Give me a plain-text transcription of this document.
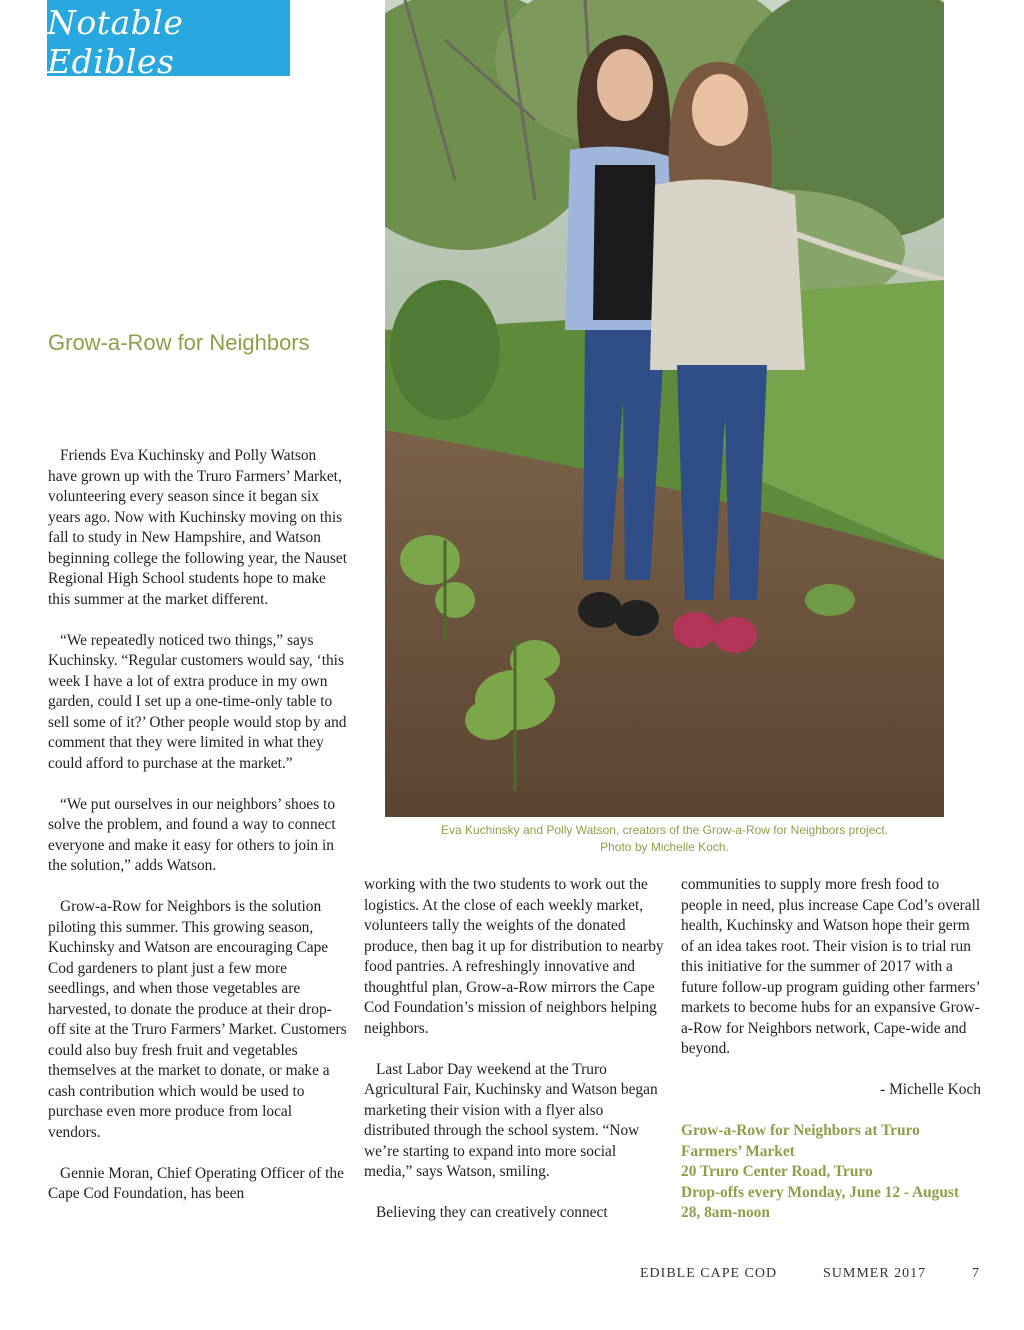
Notable Edibles
Grow-a-Row for Neighbors
Eva Kuchinsky and Polly Watson, creators of the Grow-a-Row for Neighbors project.
Photo by Michelle Koch.

Friends Eva Kuchinsky and Polly Watson have grown up with the Truro Farmers’ Market, volunteering every season since it began six years ago. Now with Kuchinsky moving on this fall to study in New Hampshire, and Watson beginning college the following year, the Nauset Regional High School students hope to make this summer at the market different.

“We repeatedly noticed two things,” says Kuchinsky. “Regular customers would say, ‘this week I have a lot of extra produce in my own garden, could I set up a one-time-only table to sell some of it?’ Other people would stop by and comment that they were limited in what they could afford to purchase at the market.”

“We put ourselves in our neighbors’ shoes to solve the problem, and found a way to connect everyone and make it easy for others to join in the solution,” adds Watson.

Grow-a-Row for Neighbors is the solution piloting this summer. This growing season, Kuchinsky and Watson are encouraging Cape Cod gardeners to plant just a few more seedlings, and when those vegetables are harvested, to donate the produce at their drop-off site at the Truro Farmers’ Market. Customers could also buy fresh fruit and vegetables themselves at the market to donate, or make a cash contribution which would be used to purchase even more produce from local vendors.

Gennie Moran, Chief Operating Officer of the Cape Cod Foundation, has been

working with the two students to work out the logistics. At the close of each weekly market, volunteers tally the weights of the donated produce, then bag it up for distribution to nearby food pantries. A refreshingly innovative and thoughtful plan, Grow-a-Row mirrors the Cape Cod Foundation’s mission of neighbors helping neighbors.

Last Labor Day weekend at the Truro Agricultural Fair, Kuchinsky and Watson began marketing their vision with a flyer also distributed through the school system. “Now we’re starting to expand into more social media,” says Watson, smiling.

Believing they can creatively connect

communities to supply more fresh food to people in need, plus increase Cape Cod’s overall health, Kuchinsky and Watson hope their germ of an idea takes root. Their vision is to trial run this initiative for the summer of 2017 with a future follow-up program guiding other farmers’ markets to become hubs for an expansive Grow-a-Row for Neighbors network, Cape-wide and beyond.

- Michelle Koch

Grow-a-Row for Neighbors at Truro Farmers’ Market
20 Truro Center Road, Truro
Drop-offs every Monday, June 12 - August 28, 8am-noon
EDIBLE CAPE COD	SUMMER 2017	7
